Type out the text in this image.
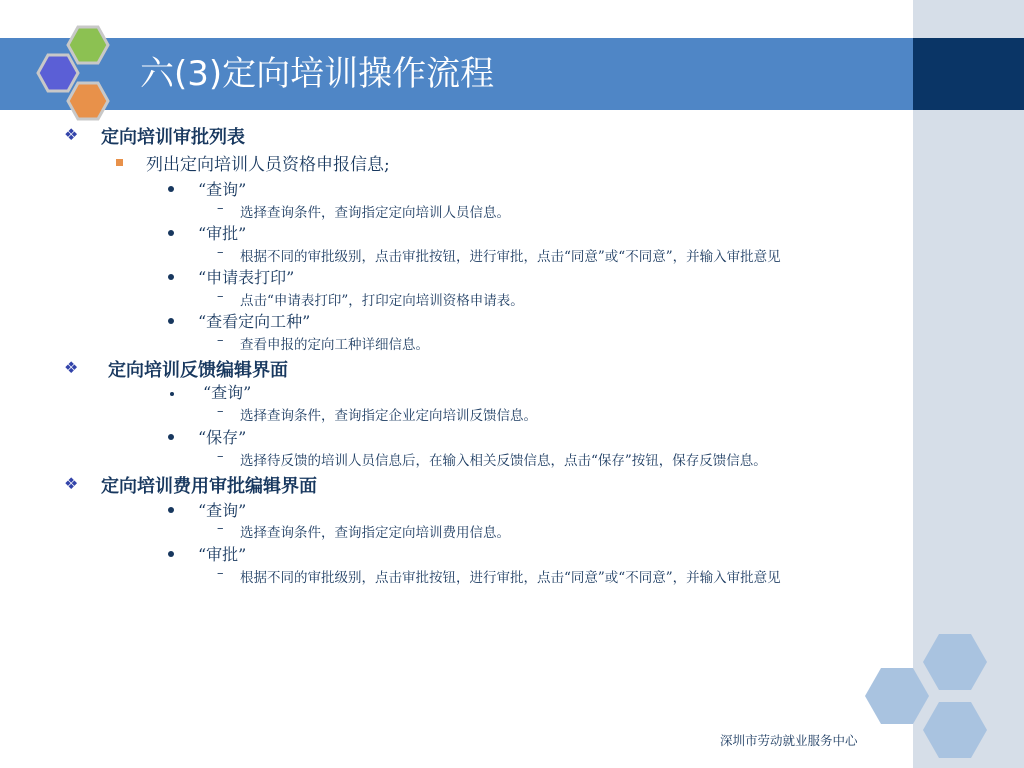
六(3)定向培训操作流程
❖ 定向培训审批列表
列出定向培训人员资格申报信息;
“查询”
– 选择查询条件，查询指定定向培训人员信息。
“审批”
– 根据不同的审批级别，点击审批按钮，进行审批，点击“同意”或“不同意”，并输入审批意见
“申请表打印”
– 点击“申请表打印”，打印定向培训资格申请表。
“查看定向工种”
– 查看申报的定向工种详细信息。
❖ 定向培训反馈编辑界面
“查询”
– 选择查询条件，查询指定企业定向培训反馈信息。
“保存”
– 选择待反馈的培训人员信息后，在输入相关反馈信息，点击“保存”按钮，保存反馈信息。
❖ 定向培训费用审批编辑界面
“查询”
– 选择查询条件，查询指定定向培训费用信息。
“审批”
– 根据不同的审批级别，点击审批按钮，进行审批，点击“同意”或“不同意”，并输入审批意见
深圳市劳动就业服务中心
